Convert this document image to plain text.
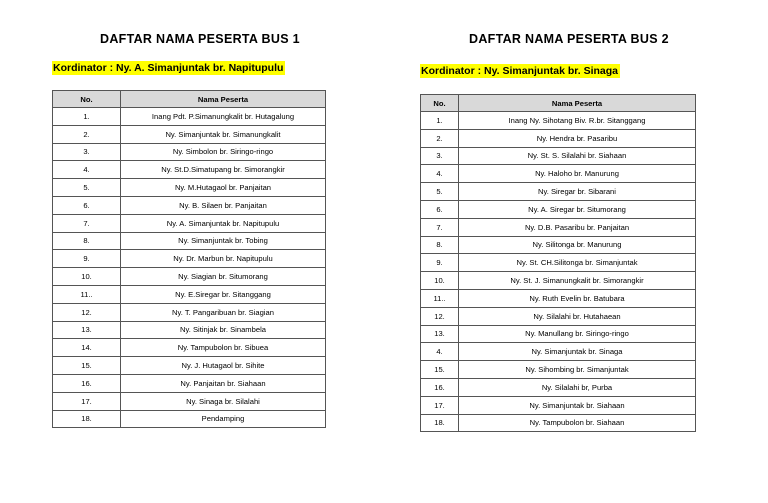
DAFTAR NAMA PESERTA BUS 1
Kordinator : Ny. A. Simanjuntak br. Napitupulu
No.	Nama Peserta
1.	Inang Pdt. P.Simanungkalit br. Hutagalung
2.	Ny. Simanjuntak br. Simanungkalit
3.	Ny. Simbolon br. Siringo-ringo
4.	Ny. St.D.Simatupang br. Simorangkir
5.	Ny. M.Hutagaol br. Panjaitan
6.	Ny. B. Silaen br. Panjaitan
7.	Ny. A. Simanjuntak br. Napitupulu
8.	Ny. Simanjuntak br. Tobing
9.	Ny. Dr. Marbun br. Napitupulu
10.	Ny. Siagian br. Situmorang
11..	Ny. E.Siregar br. Sitanggang
12.	Ny. T. Pangaribuan br. Siagian
13.	Ny. Sitinjak br. Sinambela
14.	Ny. Tampubolon br. Sibuea
15.	Ny. J. Hutagaol br. Sihite
16.	Ny. Panjaitan br. Siahaan
17.	Ny. Sinaga br. Silalahi
18.	Pendamping
DAFTAR NAMA PESERTA BUS 2
Kordinator : Ny. Simanjuntak br. Sinaga
No.	Nama Peserta
1.	Inang Ny. Sihotang Biv. R.br. Sitanggang
2.	Ny. Hendra br. Pasaribu
3.	Ny. St. S. Silalahi br. Siahaan
4.	Ny. Haloho br. Manurung
5.	Ny. Siregar br. Sibarani
6.	Ny. A. Siregar br. Situmorang
7.	Ny. D.B. Pasaribu br. Panjaitan
8.	Ny. Silitonga br. Manurung
9.	Ny. St. CH.Silitonga br. Simanjuntak
10.	Ny. St. J. Simanungkalit br. Simorangkir
11..	Ny. Ruth Evelin br. Batubara
12.	Ny. Silalahi br. Hutahaean
13.	Ny. Manullang br. Siringo-ringo
4.	Ny. Simanjuntak br. Sinaga
15.	Ny. Sihombing br. Simanjuntak
16.	Ny. Silalahi br, Purba
17.	Ny. Simanjuntak br. Siahaan
18.	Ny. Tampubolon br. Siahaan
